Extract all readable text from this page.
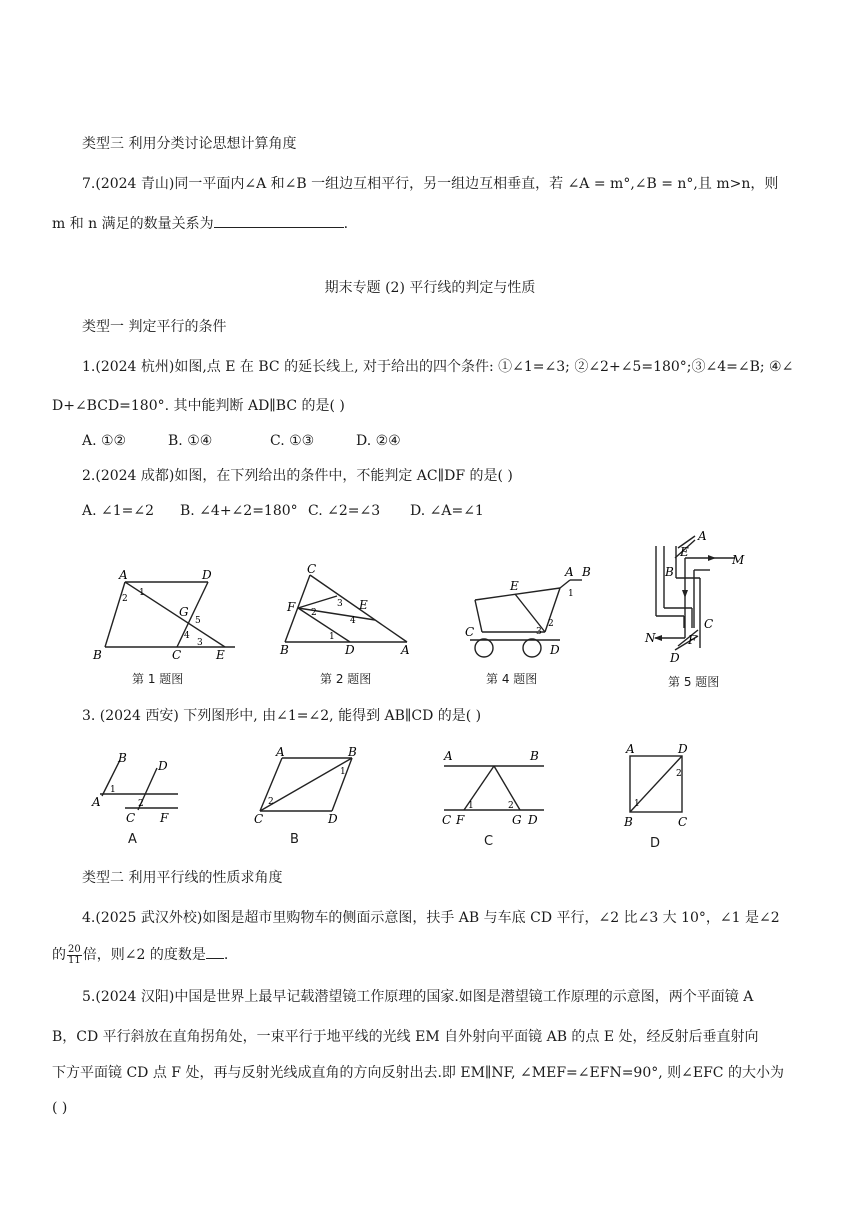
类型三 利用分类讨论思想计算角度
7.(2024 青山)同一平面内∠A 和∠B 一组边互相平行，另一组边互相垂直，若 ∠A = m°,∠B = n°,且 m>n，则
m 和 n 满足的数量关系为	.
期末专题 (2) 平行线的判定与性质
类型一 判定平行的条件
1.(2024 杭州)如图,点 E 在 BC 的延长线上, 对于给出的四个条件: ①∠1=∠3; ②∠2+∠5=180°;③∠4=∠B; ④∠
D+∠BCD=180°. 其中能判断 AD∥BC 的是( )
A. ①②	B. ①④	C. ①③	D. ②④
2.(2024 成都)如图，在下列给出的条件中，不能判定 AC∥DF 的是( )
A. ∠1=∠2 B. ∠4+∠2=180° C. ∠2=∠3 D. ∠A=∠1
A	D
B	C	E
G
1
2
3
4
5
第 1 题图
C
F	E
B	D	A
1
2
3
4
第 2 题图
A B
E
C
D
1
2
3
第 4 题图
A
E
M
B
C
N	F
D
第 5 题图
3. (2024 西安) 下列图形中, 由∠1=∠2, 能得到 AB∥CD 的是( )
B
D
A
C F
1
2
A
A	B
C	D
1
2
B
A	B
C F	G D
1	2
C
A	D
B	C
1
2
D
类型二 利用平行线的性质求角度
4.(2025 武汉外校)如图是超市里购物车的侧面示意图，扶手 AB 与车底 CD 平行，∠2 比∠3 大 10°，∠1 是∠2
的 $\frac{20}{11}$ 倍，则∠2 的度数是 .
5.(2024 汉阳)中国是世界上最早记载潜望镜工作原理的国家.如图是潜望镜工作原理的示意图，两个平面镜 A
B，CD 平行斜放在直角拐角处，一束平行于地平线的光线 EM 自外射向平面镜 AB 的点 E 处，经反射后垂直射向
下方平面镜 CD 点 F 处，再与反射光线成直角的方向反射出去.即 EM∥NF, ∠MEF=∠EFN=90°, 则∠EFC 的大小为
( )
